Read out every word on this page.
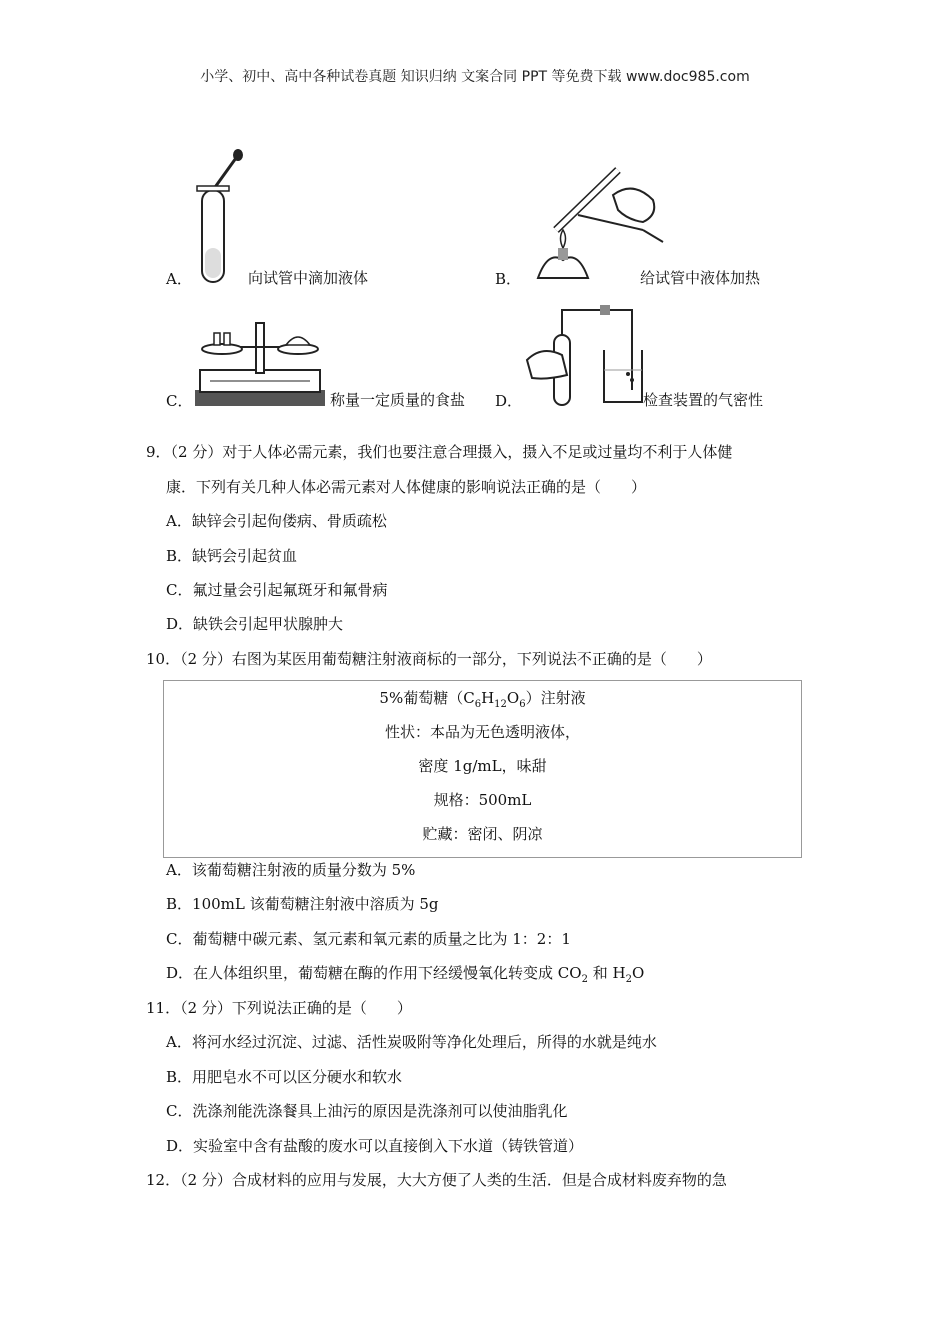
小学、初中、高中各种试卷真题 知识归纳 文案合同 PPT 等免费下载 www.doc985.com
A．	向试管中滴加液体	B．	给试管中液体加热
C．	称量一定质量的食盐 D．	检查装置的气密性
9．（2 分）对于人体必需元素，我们也要注意合理摄入，摄入不足或过量均不利于人体健
康．下列有关几种人体必需元素对人体健康的影响说法正确的是（　　）
A．缺锌会引起佝偻病、骨质疏松
B．缺钙会引起贫血
C．氟过量会引起氟斑牙和氟骨病
D．缺铁会引起甲状腺肿大
10．（2 分）右图为某医用葡萄糖注射液商标的一部分，下列说法不正确的是（　　）
5%葡萄糖$(C_6H_{12}O_6)$注射液
性状：本品为无色透明液体，
密度 1g/mL，味甜
规格：500mL
贮藏：密闭、阴凉
A．该葡萄糖注射液的质量分数为 5%
B．100mL 该葡萄糖注射液中溶质为 5g
C．葡萄糖中碳元素、氢元素和氧元素的质量之比为 1：2：1
D．在人体组织里，葡萄糖在酶的作用下经缓慢氧化转变成 $CO_2$ 和 $H_2O$
11．（2 分）下列说法正确的是（　　）
A．将河水经过沉淀、过滤、活性炭吸附等净化处理后，所得的水就是纯水
B．用肥皂水不可以区分硬水和软水
C．洗涤剂能洗涤餐具上油污的原因是洗涤剂可以使油脂乳化
D．实验室中含有盐酸的废水可以直接倒入下水道（铸铁管道）
12．（2 分）合成材料的应用与发展，大大方便了人类的生活．但是合成材料废弃物的急
